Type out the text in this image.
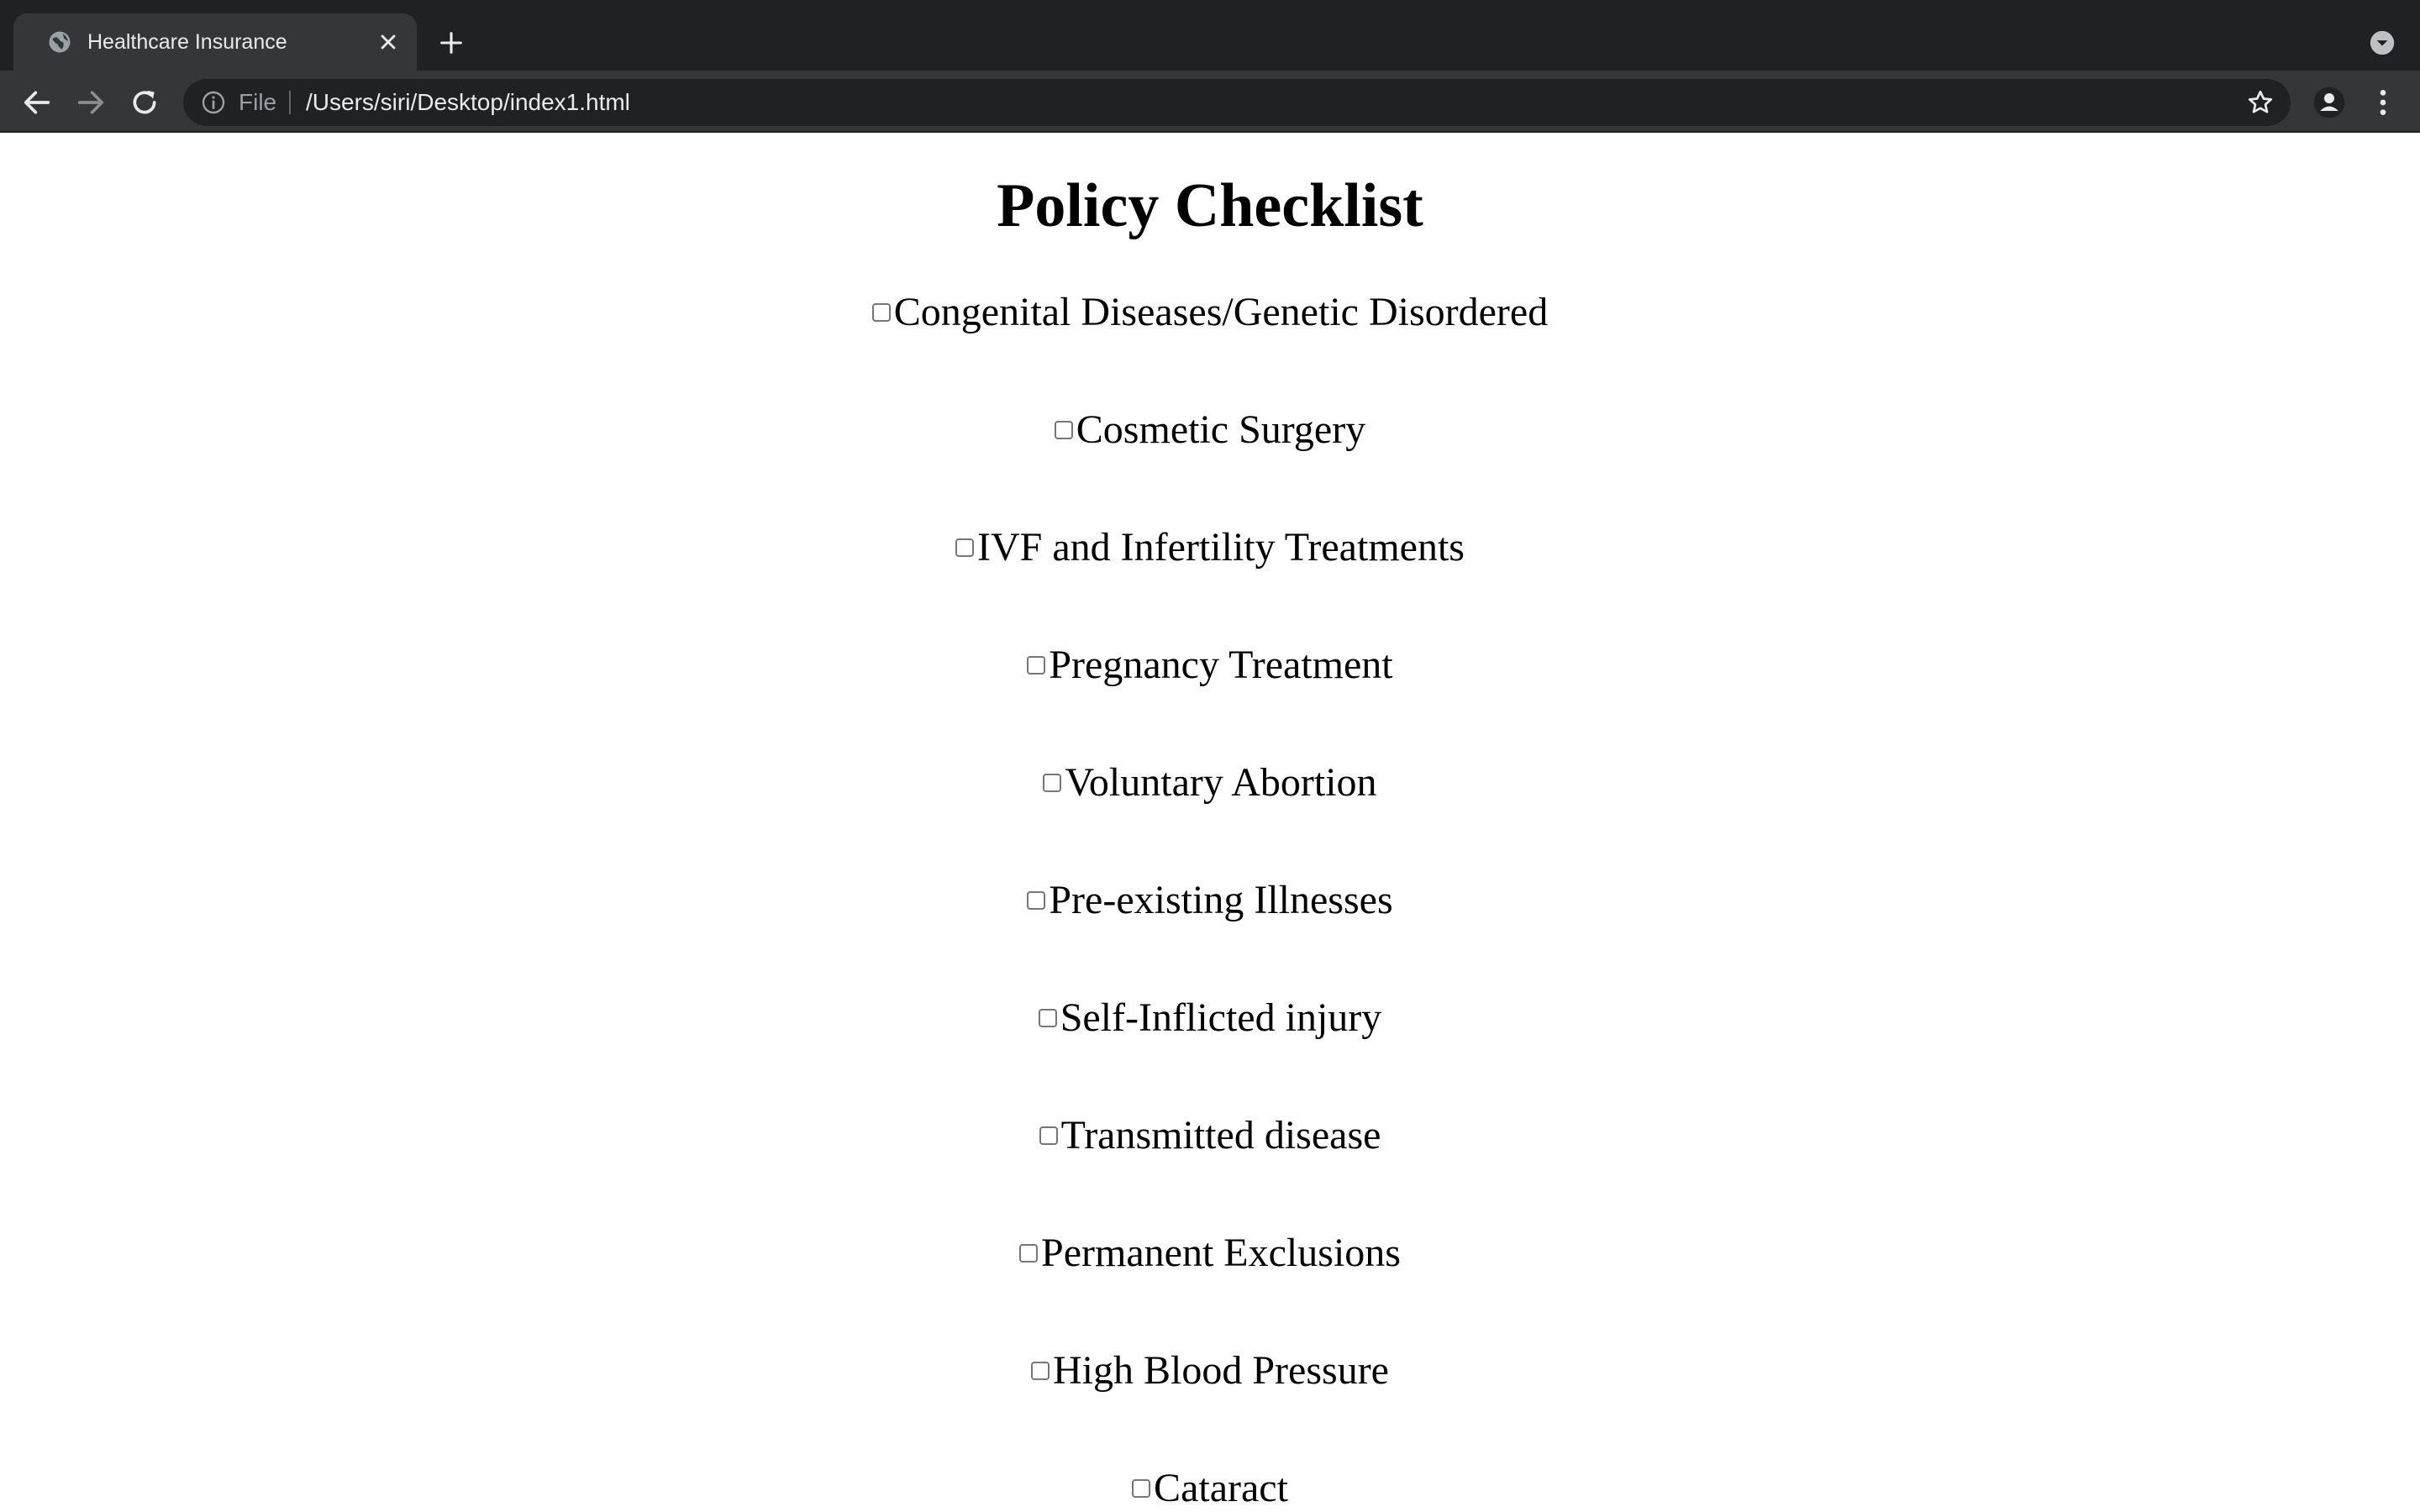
Healthcare Insurance
File /Users/siri/Desktop/index1.html
Policy Checklist
Congenital Diseases/Genetic Disordered
Cosmetic Surgery
IVF and Infertility Treatments
Pregnancy Treatment
Voluntary Abortion
Pre-existing Illnesses
Self-Inflicted injury
Transmitted disease
Permanent Exclusions
High Blood Pressure
Cataract
